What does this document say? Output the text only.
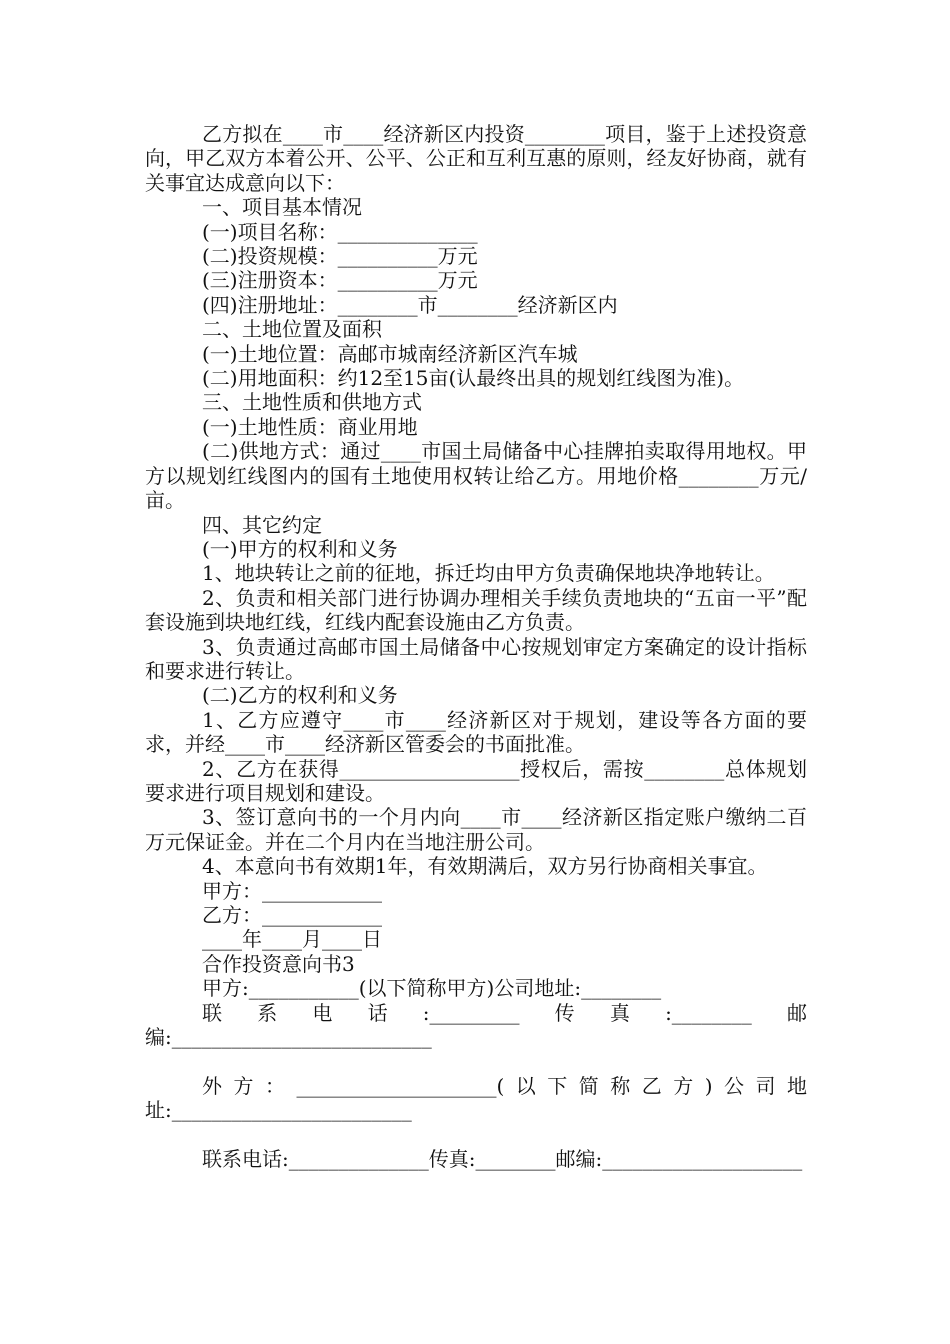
乙方拟在____市____经济新区内投资________项目，鉴于上述投资意向，甲乙双方本着公开、公平、公正和互利互惠的原则，经友好协商，就有关事宜达成意向以下：
一、项目基本情况
(一)项目名称：______________
(二)投资规模：__________万元
(三)注册资本：__________万元
(四)注册地址：________市________经济新区内
二、土地位置及面积
(一)土地位置：高邮市城南经济新区汽车城
(二)用地面积：约12至15亩(认最终出具的规划红线图为准)。
三、土地性质和供地方式
(一)土地性质：商业用地
(二)供地方式：通过____市国土局储备中心挂牌拍卖取得用地权。甲方以规划红线图内的国有土地使用权转让给乙方。用地价格________万元/亩。
四、其它约定
(一)甲方的权利和义务
1、地块转让之前的征地，拆迁均由甲方负责确保地块净地转让。
2、负责和相关部门进行协调办理相关手续负责地块的“五亩一平”配套设施到块地红线，红线内配套设施由乙方负责。
3、负责通过高邮市国土局储备中心按规划审定方案确定的设计指标和要求进行转让。
(二)乙方的权利和义务
1、乙方应遵守____市____经济新区对于规划，建设等各方面的要求，并经____市____经济新区管委会的书面批准。
2、乙方在获得__________________授权后，需按________总体规划要求进行项目规划和建设。
3、签订意向书的一个月内向____市____经济新区指定账户缴纳二百万元保证金。并在二个月内在当地注册公司。
4、本意向书有效期1年，有效期满后，双方另行协商相关事宜。
甲方：____________
乙方：____________
____年____月____日
合作投资意向书3
甲方:___________(以下简称甲方)公司地址:________
联系电话:_________传真:________邮编:__________________________
外方：____________________(以下简称乙方)公司地址:________________________
联系电话:______________传真:________邮编:____________________
